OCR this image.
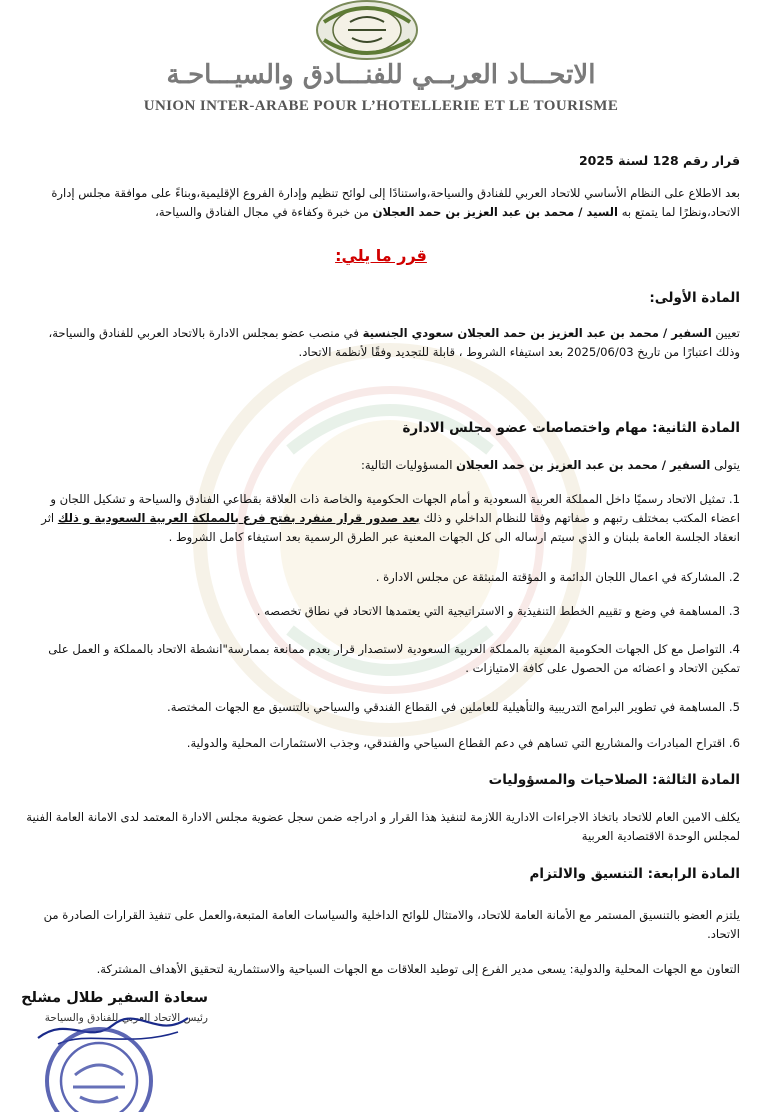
الاتحـــاد العربــي للفنـــادق والسيـــاحـة
UNION INTER-ARABE POUR L’HOTELLERIE ET LE TOURISME
قرار رقم 128 لسنة 2025
بعد الاطلاع على النظام الأساسي للاتحاد العربي للفنادق والسياحة،واستنادًا إلى لوائح تنظيم وإدارة الفروع الإقليمية،وبناءً على موافقة مجلس إدارة الاتحاد،ونظرًا لما يتمتع به السيد / محمد بن عبد العزيز بن حمد العجلان من خبرة وكفاءة في مجال الفنادق والسياحة،
قرر ما يلي:
المادة الأولى:
تعيين السفير / محمد بن عبد العزيز بن حمد العجلان سعودي الجنسية في منصب عضو بمجلس الادارة بالاتحاد العربي للفنادق والسياحة، وذلك اعتبارًا من تاريخ 2025/06/03 بعد استيفاء الشروط ، قابلة للتجديد وفقًا لأنظمة الاتحاد.
المادة الثانية: مهام واختصاصات عضو مجلس الادارة
يتولى السفير / محمد بن عبد العزيز بن حمد العجلان المسؤوليات التالية:
1. تمثيل الاتحاد رسميًا داخل المملكة العربية السعودية و أمام الجهات الحكومية والخاصة ذات العلاقة بقطاعي الفنادق والسياحة و تشكيل اللجان و اعضاء المكتب بمختلف رتبهم و صفاتهم وفقا للنظام الداخلي و ذلك بعد صدور قرار منفرد بفتح فرع بالمملكة العربية السعودية و ذلك اثر انعقاد الجلسة العامة بلبنان و الذي سيتم ارساله الى كل الجهات المعنية عبر الطرق الرسمية بعد استيفاء كامل الشروط .
2. المشاركة في اعمال اللجان الدائمة و المؤقتة المنبثقة عن مجلس الادارة .
3. المساهمة في وضع و تقييم الخطط التنفيذية و الاستراتيجية التي يعتمدها الاتحاد في نطاق تخصصه .
4. التواصل مع كل الجهات الحكومية المعنية بالمملكة العربية السعودية لاستصدار قرار بعدم ممانعة بممارسة"انشطة الاتحاد بالمملكة و العمل على تمكين الاتحاد و اعضائه من الحصول على كافة الامتيازات .
5. المساهمة في تطوير البرامج التدريبية والتأهيلية للعاملين في القطاع الفندقي والسياحي بالتنسيق مع الجهات المختصة.
6. اقتراح المبادرات والمشاريع التي تساهم في دعم القطاع السياحي والفندقي، وجذب الاستثمارات المحلية والدولية.
المادة الثالثة: الصلاحيات والمسؤوليات
يكلف الامين العام للاتحاد باتخاذ الاجراءات الادارية اللازمة لتنفيذ هذا القرار و ادراجه ضمن سجل عضوية مجلس الادارة المعتمد لدى الامانة العامة الفنية لمجلس الوحدة الاقتصادية العربية
المادة الرابعة: التنسيق والالتزام
يلتزم العضو بالتنسيق المستمر مع الأمانة العامة للاتحاد، والامتثال للوائح الداخلية والسياسات العامة المتبعة،والعمل على تنفيذ القرارات الصادرة من الاتحاد.
التعاون مع الجهات المحلية والدولية: يسعى مدير الفرع إلى توطيد العلاقات مع الجهات السياحية والاستثمارية لتحقيق الأهداف المشتركة.
سعادة السفير طلال مشلح
رئيس الاتحاد العربي للفنادق والسياحة
